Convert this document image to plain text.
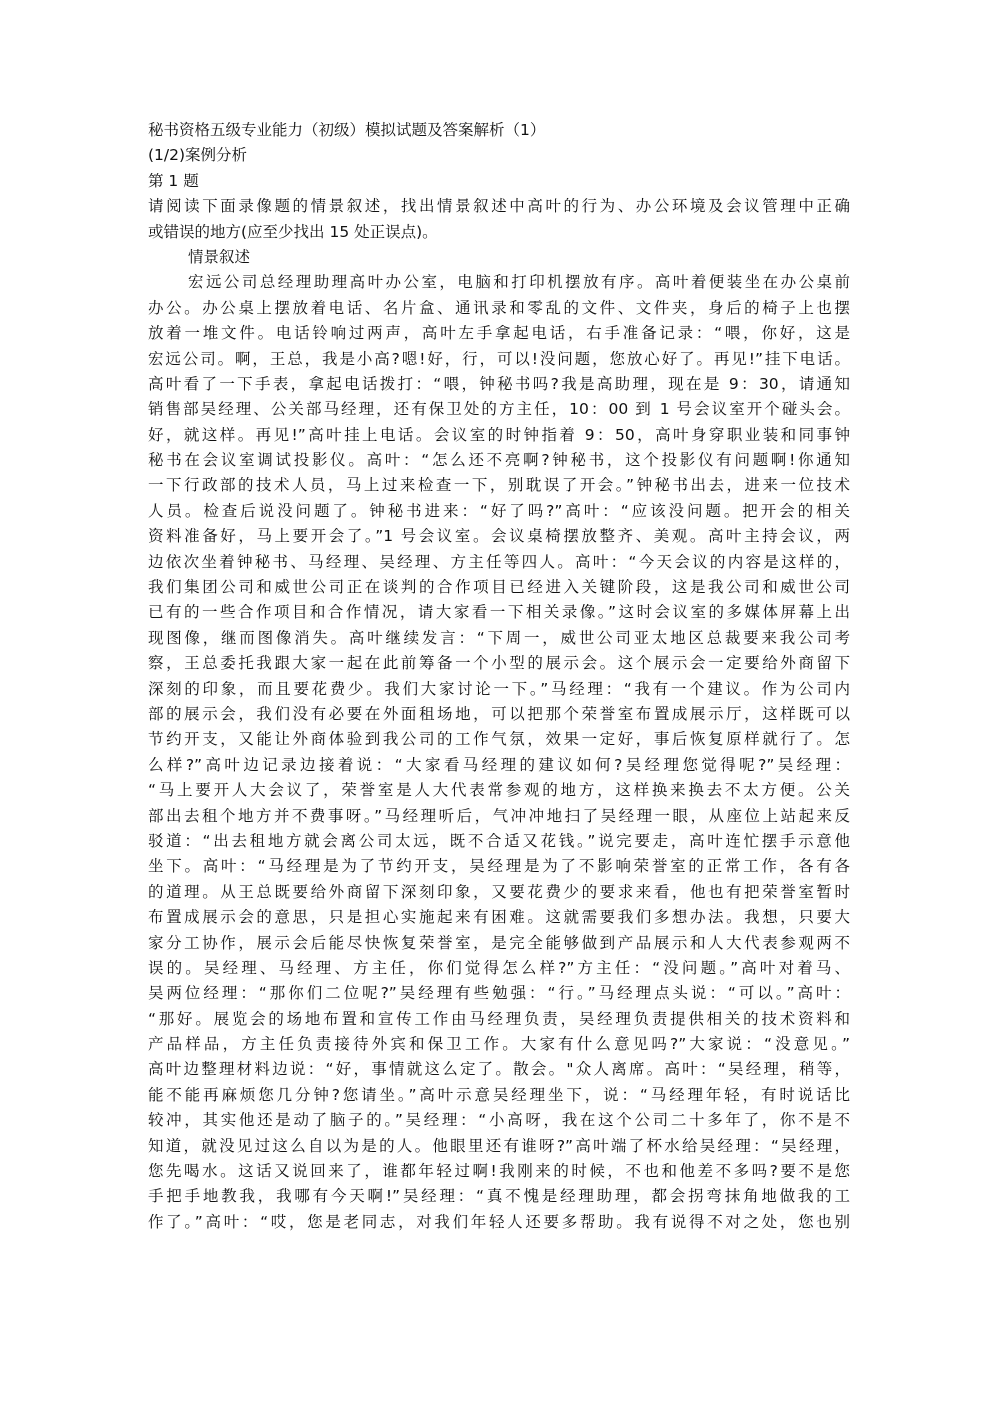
秘书资格五级专业能力（初级）模拟试题及答案解析（1）
(1/2)案例分析
第 1 题
请阅读下面录像题的情景叙述，找出情景叙述中高叶的行为、办公环境及会议管理中正确
或错误的地方(应至少找出 15 处正误点)。
情景叙述
宏远公司总经理助理高叶办公室，电脑和打印机摆放有序。高叶着便装坐在办公桌前
办公。办公桌上摆放着电话、名片盒、通讯录和零乱的文件、文件夹，身后的椅子上也摆
放着一堆文件。电话铃响过两声，高叶左手拿起电话，右手准备记录：“喂，你好，这是
宏远公司。啊，王总，我是小高?嗯!好，行，可以!没问题，您放心好了。再见!”挂下电话。
高叶看了一下手表，拿起电话拨打：“喂，钟秘书吗?我是高助理，现在是 9：30，请通知
销售部吴经理、公关部马经理，还有保卫处的方主任，10：00 到 1 号会议室开个碰头会。
好，就这样。再见!”高叶挂上电话。会议室的时钟指着 9：50，高叶身穿职业装和同事钟
秘书在会议室调试投影仪。高叶：“怎么还不亮啊?钟秘书，这个投影仪有问题啊!你通知
一下行政部的技术人员，马上过来检查一下，别耽误了开会。”钟秘书出去，进来一位技术
人员。检查后说没问题了。钟秘书进来：“好了吗?”高叶：“应该没问题。把开会的相关
资料准备好，马上要开会了。”1 号会议室。会议桌椅摆放整齐、美观。高叶主持会议，两
边依次坐着钟秘书、马经理、吴经理、方主任等四人。高叶：“今天会议的内容是这样的，
我们集团公司和威世公司正在谈判的合作项目已经进入关键阶段，这是我公司和威世公司
已有的一些合作项目和合作情况，请大家看一下相关录像。”这时会议室的多媒体屏幕上出
现图像，继而图像消失。高叶继续发言：“下周一，威世公司亚太地区总裁要来我公司考
察，王总委托我跟大家一起在此前筹备一个小型的展示会。这个展示会一定要给外商留下
深刻的印象，而且要花费少。我们大家讨论一下。”马经理：“我有一个建议。作为公司内
部的展示会，我们没有必要在外面租场地，可以把那个荣誉室布置成展示厅，这样既可以
节约开支，又能让外商体验到我公司的工作气氛，效果一定好，事后恢复原样就行了。怎
么样?”高叶边记录边接着说：“大家看马经理的建议如何?吴经理您觉得呢?”吴经理：
“马上要开人大会议了，荣誉室是人大代表常参观的地方，这样换来换去不太方便。公关
部出去租个地方并不费事呀。”马经理听后，气冲冲地扫了吴经理一眼，从座位上站起来反
驳道：“出去租地方就会离公司太远，既不合适又花钱。”说完要走，高叶连忙摆手示意他
坐下。高叶：“马经理是为了节约开支，吴经理是为了不影响荣誉室的正常工作，各有各
的道理。从王总既要给外商留下深刻印象，又要花费少的要求来看，他也有把荣誉室暂时
布置成展示会的意思，只是担心实施起来有困难。这就需要我们多想办法。我想，只要大
家分工协作，展示会后能尽快恢复荣誉室，是完全能够做到产品展示和人大代表参观两不
误的。吴经理、马经理、方主任，你们觉得怎么样?”方主任：“没问题。”高叶对着马、
吴两位经理：“那你们二位呢?”吴经理有些勉强：“行。”马经理点头说：“可以。”高叶：
“那好。展览会的场地布置和宣传工作由马经理负责，吴经理负责提供相关的技术资料和
产品样品，方主任负责接待外宾和保卫工作。大家有什么意见吗?”大家说：“没意见。”
高叶边整理材料边说：“好，事情就这么定了。散会。"众人离席。高叶：“吴经理，稍等，
能不能再麻烦您几分钟?您请坐。”高叶示意吴经理坐下，说：“马经理年轻，有时说话比
较冲，其实他还是动了脑子的。”吴经理：“小高呀，我在这个公司二十多年了，你不是不
知道，就没见过这么自以为是的人。他眼里还有谁呀?”高叶端了杯水给吴经理：“吴经理，
您先喝水。这话又说回来了，谁都年轻过啊!我刚来的时候，不也和他差不多吗?要不是您
手把手地教我，我哪有今天啊!”吴经理：“真不愧是经理助理，都会拐弯抹角地做我的工
作了。”高叶：“哎，您是老同志，对我们年轻人还要多帮助。我有说得不对之处，您也别
